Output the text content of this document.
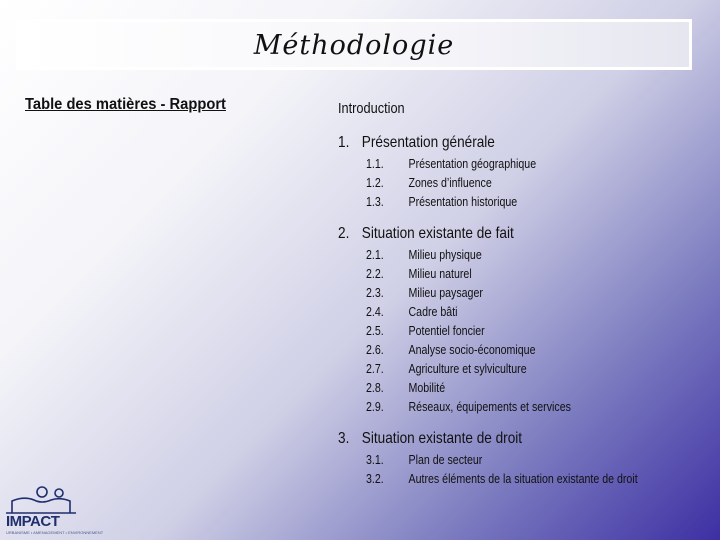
Méthodologie
Table des matières - Rapport	Introduction
1. Présentation générale
1.1.	Présentation géographique
1.2.	Zones d’influence
1.3.	Présentation historique
2. Situation existante de fait
2.1.	Milieu physique
2.2.	Milieu naturel
2.3.	Milieu paysager
2.4.	Cadre bâti
2.5.	Potentiel foncier
2.6.	Analyse socio-économique
2.7.	Agriculture et sylviculture
2.8.	Mobilité
2.9.	Réseaux, équipements et services
3. Situation existante de droit
3.1.	Plan de secteur
3.2.	Autres éléments de la situation existante de droit
IMPACT
URBANISME • AMENAGEMENT • ENVIRONNEMENT
